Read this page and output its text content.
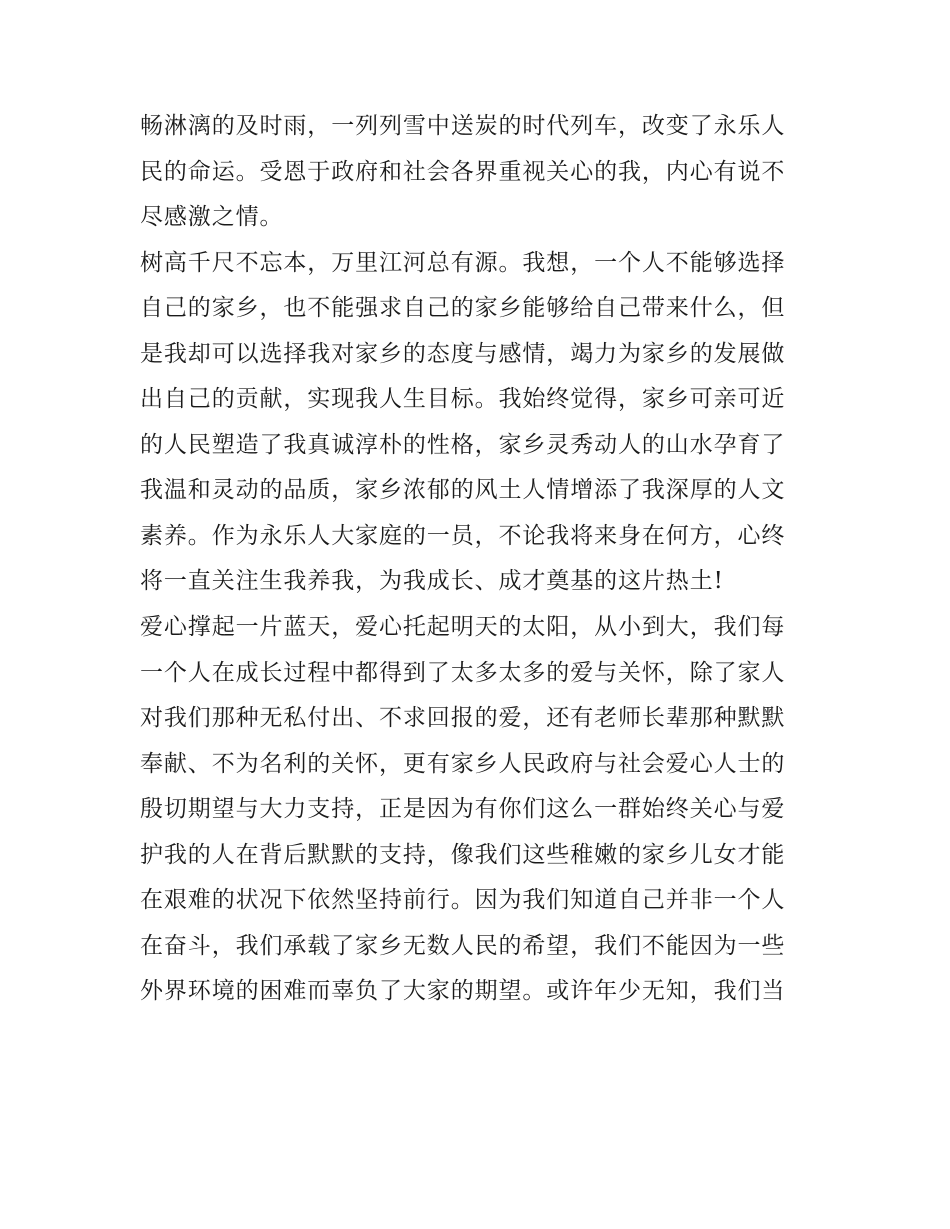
畅淋漓的及时雨，一列列雪中送炭的时代列车，改变了永乐人
民的命运。受恩于政府和社会各界重视关心的我，内心有说不
尽感激之情。
树高千尺不忘本，万里江河总有源。我想，一个人不能够选择
自己的家乡，也不能强求自己的家乡能够给自己带来什么，但
是我却可以选择我对家乡的态度与感情，竭力为家乡的发展做
出自己的贡献，实现我人生目标。我始终觉得，家乡可亲可近
的人民塑造了我真诚淳朴的性格，家乡灵秀动人的山水孕育了
我温和灵动的品质，家乡浓郁的风土人情增添了我深厚的人文
素养。作为永乐人大家庭的一员，不论我将来身在何方，心终
将一直关注生我养我，为我成长、成才奠基的这片热土!
爱心撑起一片蓝天，爱心托起明天的太阳，从小到大，我们每
一个人在成长过程中都得到了太多太多的爱与关怀，除了家人
对我们那种无私付出、不求回报的爱，还有老师长辈那种默默
奉献、不为名利的关怀，更有家乡人民政府与社会爱心人士的
殷切期望与大力支持，正是因为有你们这么一群始终关心与爱
护我的人在背后默默的支持，像我们这些稚嫩的家乡儿女才能
在艰难的状况下依然坚持前行。因为我们知道自己并非一个人
在奋斗，我们承载了家乡无数人民的希望，我们不能因为一些
外界环境的困难而辜负了大家的期望。或许年少无知，我们当
